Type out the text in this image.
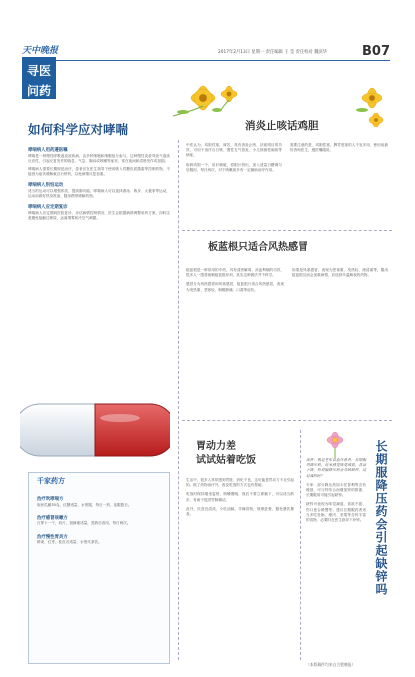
天中晚报	2017年2月13日 星期一 责任编辑 王 莹 责任校对 魏滨华	B07
寻医
问药
如何科学应对哮喘
哮喘病人用药遵医嘱
哮喘是一种慢性呼吸道炎症疾病，由多种细胞和细胞组分参与，这种慢性炎症导致气道高反应性，引起反复发作的喘息、气急、胸闷或咳嗽等症状，常在夜间和清晨发作或加剧。
哮喘病人需要长期规范治疗，患者应在医生指导下使用吸入性糖皮质激素等控制药物，不能因为症状缓解就自行停药，以免病情反复加重。
哮喘病人别怕运动
适当的运动可以增强体质，提高肺功能。哮喘病人可以选择游泳、散步、太极拳等运动，运动前做好热身准备，随身携带缓解药物。
哮喘病人应定期复诊
哮喘病人应定期到医院复诊，评估病情控制情况，医生会根据病情调整用药方案，同时注意避免接触过敏原，远离烟雾和冷空气刺激。
消炎止咳话鸡胆
中医认为，鸡胆性寒，味苦，具有消炎止咳、祛痰明目的功效，可用于治疗百日咳、慢性支气管炎、小儿细菌性痢疾等病症。
取鲜鸡胆一个，用针刺破，将胆汁挤出，加入适量白糖调匀后服用，每日两次，对于咳嗽痰多有一定辅助治疗作用。
需要注意的是，鸡胆性寒，脾胃虚寒的人不宜多用，使用前最好咨询医生，遵医嘱服用。
板蓝根只适合风热感冒
板蓝根是一种常用的中药，具有清热解毒、凉血利咽的功效，很多人一感冒就喝板蓝根冲剂，其实这种做法并不科学。
感冒分为风热感冒和风寒感冒，板蓝根只适合风热感冒，表现为发热重、恶寒轻、咽喉肿痛、口渴等症状。
如果是风寒感冒，表现为恶寒重、发热轻、流清涕等，服用板蓝根反而会加重病情，应选择辛温解表的药物。
千家药方
治疗吹哮喘方
取丝瓜藤30克、红糖适量，水煎服，每日一剂，连服数日。
治疗感冒咳嗽方
白萝卜一个，切片，加蜂蜜适量，蒸熟后食用，每日两次。
治疗慢性胃炎方
鲜姜、红枣、桂皮各适量，水煎代茶饮。
胃动力差
试试姑着吃饭
生活中，很多人常常感到胃胀、消化不良，这可能是胃动力不足引起的。除了药物治疗外，改变吃饭的方式也有帮助。
吃饭时保持端坐姿势，细嚼慢咽，饭后不要立即躺下，可以适当散步，有助于促进胃肠蠕动。
此外，饮食宜清淡，少吃油腻、辛辣食物，规律进餐，避免暴饮暴食。
长期服降压药会引起缺锌吗
读者：我是老年高血压患者，长期服用降压药，近来感觉味觉减退，食欲下降，听说服降压药会导致缺锌，这是真的吗？
专家：部分降压药如卡托普利等含有巯基，可与锌结合而增加锌的排泄，长期服用可能引起缺锌。
缺锌可表现为味觉减退、食欲不振、伤口愈合缓慢等。建议长期服药者适当多吃牡蛎、瘦肉、坚果等含锌丰富的食物，必要时在医生指导下补锌。
（本版稿件均来自合肥晚报）
